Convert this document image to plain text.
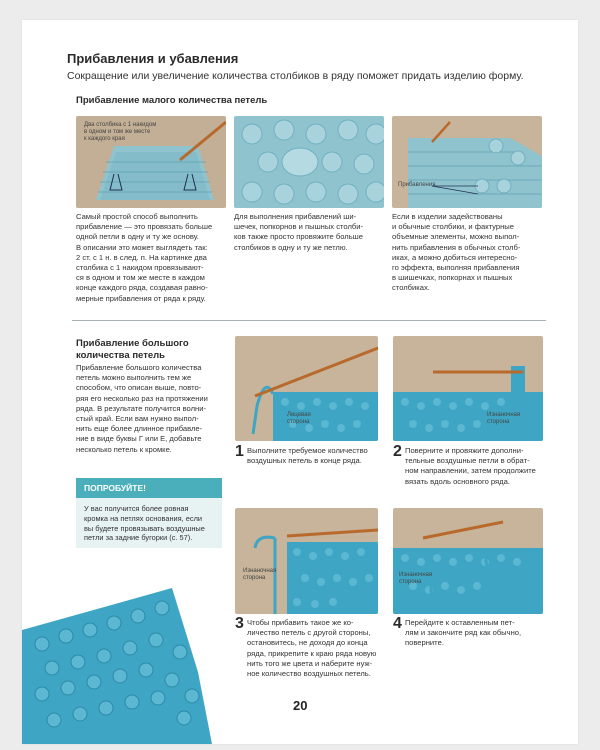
Прибавления и убавления
Сокращение или увеличение количества столбиков в ряду поможет придать изделию форму.
Прибавление малого количества петель
Два столбика с 1 накидом
в одном и том же месте
к каждого края
Прибавления
Самый простой способ выполнить
прибавление — это провязать больше
одной петли в одну и ту же основу.
В описании это может выглядеть так:
2 ст. с 1 н. в след. п. На картинке два
столбика с 1 накидом провязывают-
ся в одном и том же месте в каждом
конце каждого ряда, создавая равно-
мерные прибавления от ряда к ряду.
Для выполнения прибавлений ши-
шечек, попкорнов и пышных столби-
ков также просто провяжите больше
столбиков в одну и ту же петлю.
Если в изделии задействованы
и обычные столбики, и фактурные
объемные элементы, можно выпол-
нить прибавления в обычных столб-
иках, а можно добиться интересно-
го эффекта, выполняя прибавления
в шишечках, попкорнах и пышных
столбиках.
Прибавление большого
количества петель
Прибавление большого количества
петель можно выполнить тем же
способом, что описан выше, повто-
ряя его несколько раз на протяжении
ряда. В результате получится волни-
стый край. Если вам нужно выпол-
нить еще более длинное прибавле-
ние в виде буквы Г или Е, добавьте
несколько петель к кромке.
ПОПРОБУЙТЕ!
У вас получится более ровная
кромка на петлях основания, если
вы будете провязывать воздушные
петли за задние бугорки (с. 57).
Лицевая
сторона
Изнаночная
сторона
Изнаночная
сторона	Изнаночная
сторона
1 Выполните требуемое количество
воздушных петель в конце ряда.
2 Поверните и провяжите дополни-
тельные воздушные петли в обрат-
ном направлении, затем продолжите
вязать вдоль основного ряда.
3 Чтобы прибавить такое же ко-
личество петель с другой стороны,
остановитесь, не доходя до конца
ряда, прикрепите к краю ряда новую
нить того же цвета и наберите нуж-
ное количество воздушных петель.
4 Перейдите к оставленным пет-
лям и закончите ряд как обычно,
повернитe.
20
